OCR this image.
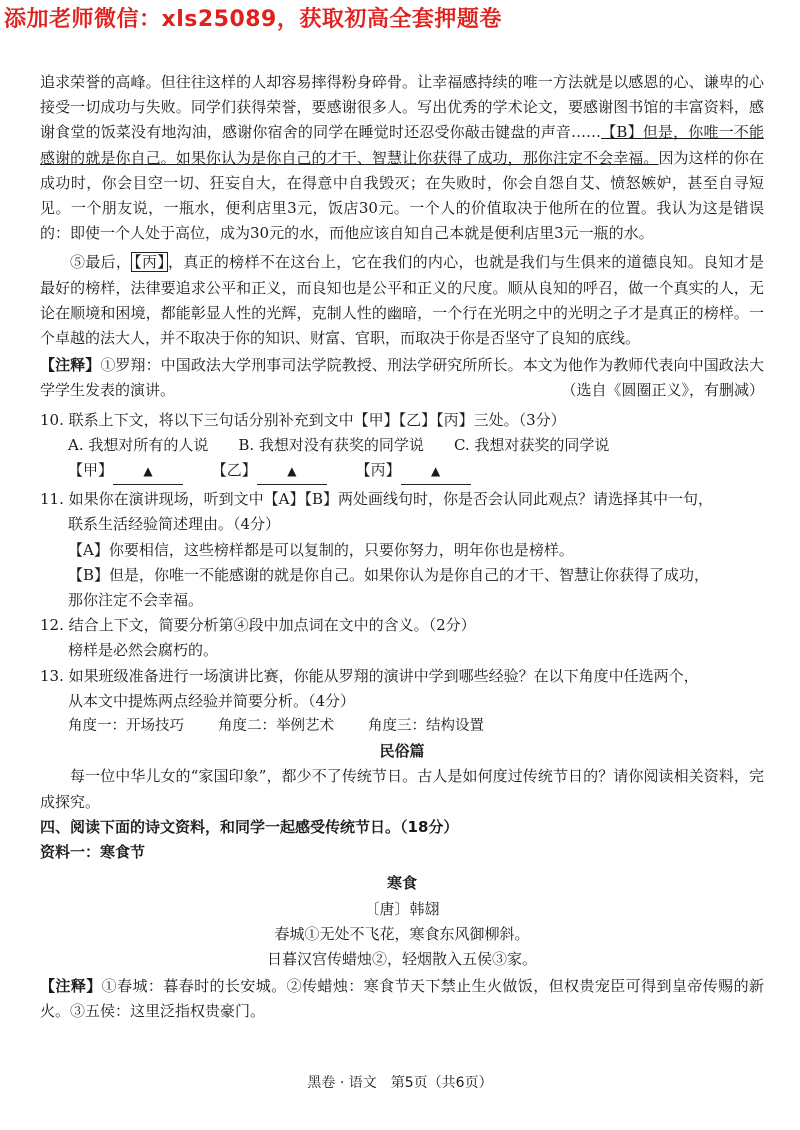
添加老师微信：xls25089，获取初高全套押题卷

追求荣誉的高峰。但往往这样的人却容易摔得粉身碎骨。让幸福感持续的唯一方法就是以感恩的心、谦卑的心接受一切成功与失败。同学们获得荣誉，要感谢很多人。写出优秀的学术论文，要感谢图书馆的丰富资料，感谢食堂的饭菜没有地沟油，感谢你宿舍的同学在睡觉时还忍受你敲击键盘的声音……【B】但是，你唯一不能感谢的就是你自己。如果你认为是你自己的才干、智慧让你获得了成功，那你注定不会幸福。因为这样的你在成功时，你会目空一切、狂妄自大，在得意中自我毁灭；在失败时，你会自怨自艾、愤怒嫉妒，甚至自寻短见。一个朋友说，一瓶水，便利店里3元，饭店30元。一个人的价值取决于他所在的位置。我认为这是错误的：即使一个人处于高位，成为30元的水，而他应该自知自己本就是便利店里3元一瓶的水。

⑤最后， 【丙】 ，真正的榜样不在这台上，它在我们的内心，也就是我们与生俱来的道德良知。良知才是最好的榜样，法律要追求公平和正义，而良知也是公平和正义的尺度。顺从良知的呼召，做一个真实的人，无论在顺境和困境，都能彰显人性的光辉，克制人性的幽暗，一个行在光明之中的光明之子才是真正的榜样。一个卓越的法大人，并不取决于你的知识、财富、官职，而取决于你是否坚守了良知的底线。

【注释】①罗翔：中国政法大学刑事司法学院教授、刑法学研究所所长。本文为他作为教师代表向中国政法大学学生发表的演讲。	（选自《圆圈正义》，有删减）

10. 联系上下文，将以下三句话分别补充到文中【甲】【乙】【丙】三处。（3分）

A. 我想对所有的人说 B. 我想对没有获奖的同学说 C. 我想对获奖的同学说
【甲】	▲	【乙】	▲	【丙】	▲

11. 如果你在演讲现场，听到文中【A】【B】两处画线句时，你是否会认同此观点？请选择其中一句，

联系生活经验简述理由。（4分）

【A】你要相信，这些榜样都是可以复制的，只要你努力，明年你也是榜样。

【B】但是，你唯一不能感谢的就是你自己。如果你认为是你自己的才干、智慧让你获得了成功，

那你注定不会幸福。

12. 结合上下文，简要分析第④段中加点词在文中的含义。（2分）

榜样是必然会腐朽的。

13. 如果班级准备进行一场演讲比赛，你能从罗翔的演讲中学到哪些经验？在以下角度中任选两个，

从本文中提炼两点经验并简要分析。（4分）

角度一：开场技巧 角度二：举例艺术 角度三：结构设置

民俗篇

每一位中华儿女的“家国印象”，都少不了传统节日。古人是如何度过传统节日的？请你阅读相关资料，完成探究。

四、阅读下面的诗文资料，和同学一起感受传统节日。（18分）

资料一：寒食节

寒食

〔唐〕韩翃

春城①无处不飞花，寒食东风御柳斜。

日暮汉宫传蜡烛②，轻烟散入五侯③家。

【注释】①春城：暮春时的长安城。②传蜡烛：寒食节天下禁止生火做饭，但权贵宠臣可得到皇帝传赐的新火。③五侯：这里泛指权贵豪门。

黑卷 · 语文　第5页（共6页）
